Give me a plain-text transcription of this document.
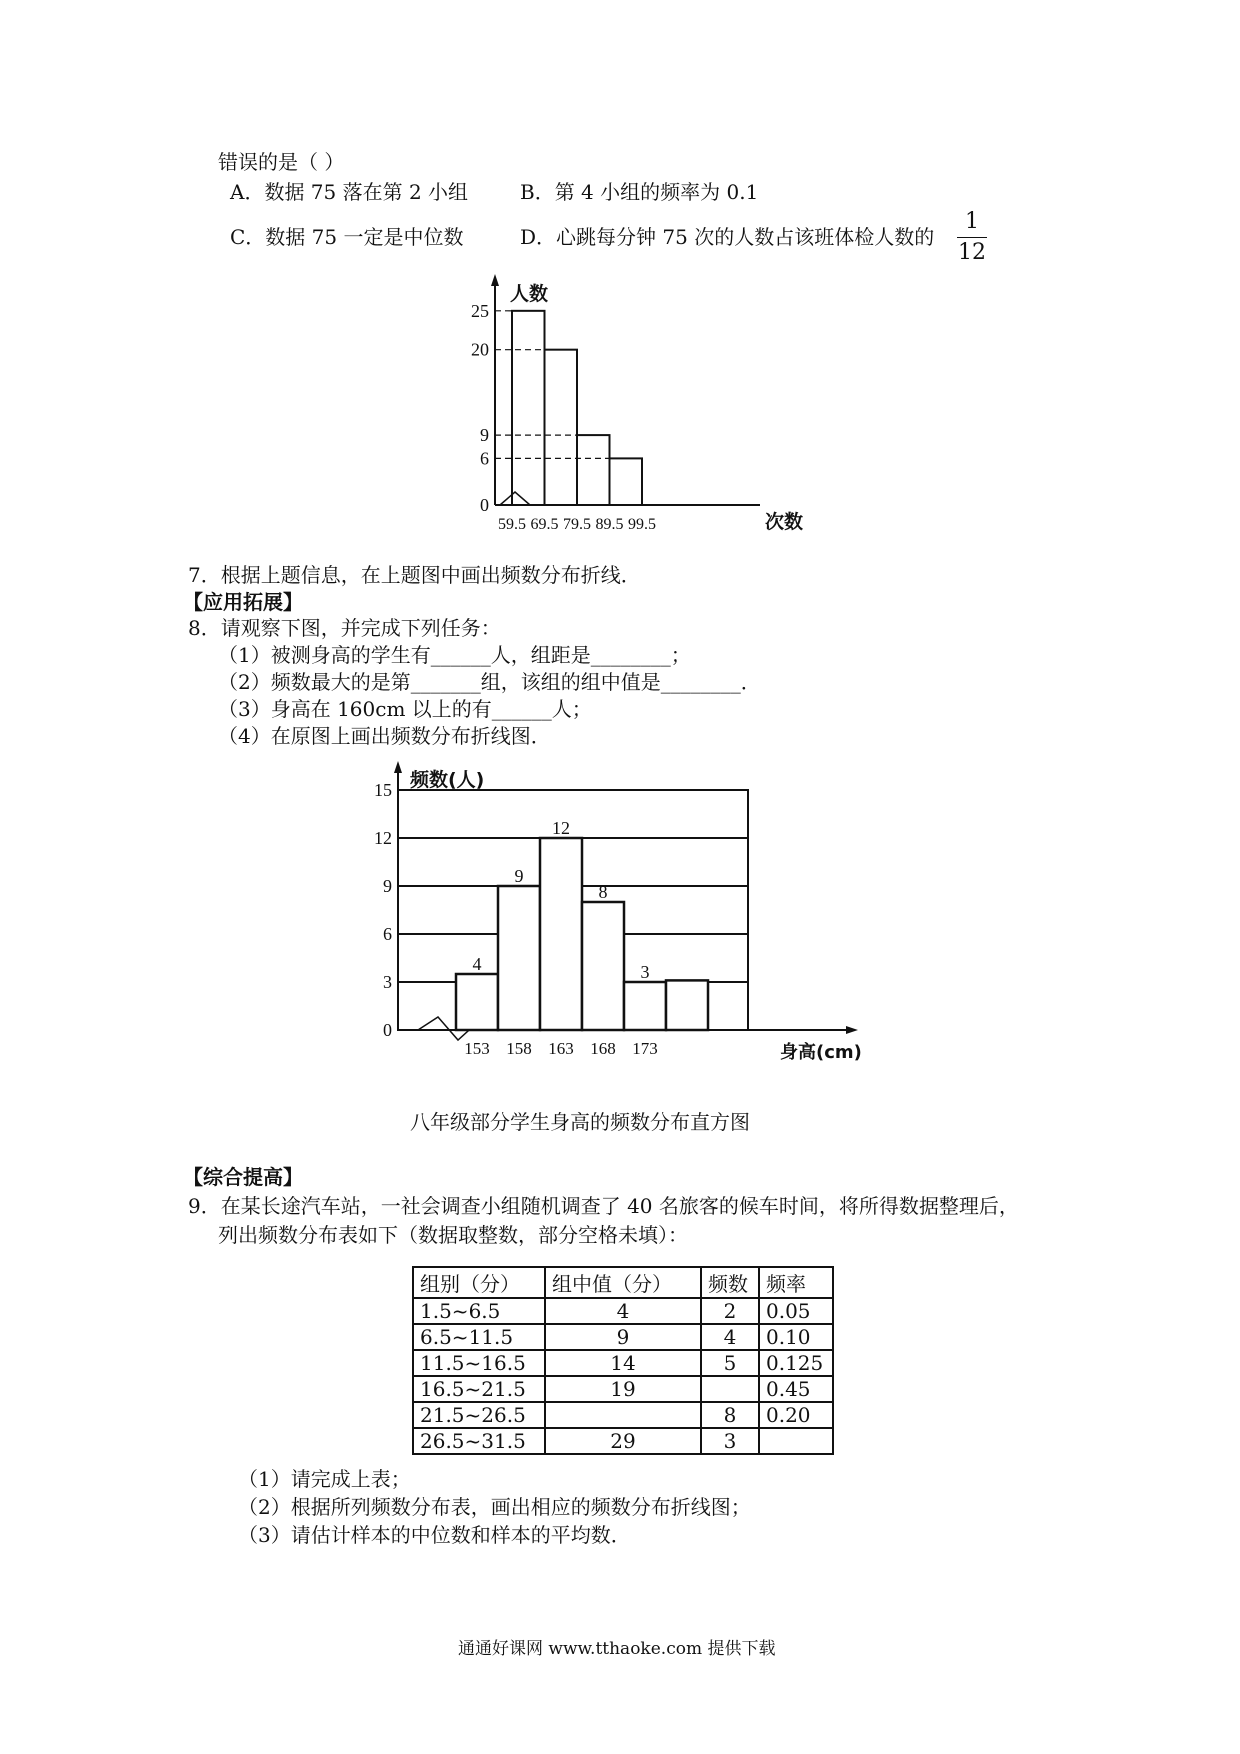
错误的是（ ）
A．数据 75 落在第 2 小组	B．第 4 小组的频率为 0.1
C．数据 75 一定是中位数	D．心跳每分钟 75 次的人数占该班体检人数的
1
12
人数
次数
0
6
9
20
25
59.5 69.5 79.5 89.5 99.5
7．根据上题信息，在上题图中画出频数分布折线．
【应用拓展】
8．请观察下图，并完成下列任务：
（1）被测身高的学生有______人，组距是________；
（2）频数最大的是第_______组，该组的组中值是________．
（3）身高在 160cm 以上的有______人；
（4）在原图上画出频数分布折线图．
频数(人)
身高(cm)
4
9
12
8
3
0
3
6
9
12
15
153 158 163 168 173
八年级部分学生身高的频数分布直方图
【综合提高】
9．在某长途汽车站，一社会调查小组随机调查了 40 名旅客的候车时间，将所得数据整理后，
列出频数分布表如下（数据取整数，部分空格未填）：
组别（分）	组中值（分）	频数	频率
1.5~6.5	4	2	0.05
6.5~11.5	9	4	0.10
11.5~16.5	14	5	0.125
16.5~21.5	19		0.45
21.5~26.5		8	0.20
26.5~31.5	29	3	
（1）请完成上表；
（2）根据所列频数分布表，画出相应的频数分布折线图；
（3）请估计样本的中位数和样本的平均数．
通通好课网 www.tthaoke.com 提供下载
